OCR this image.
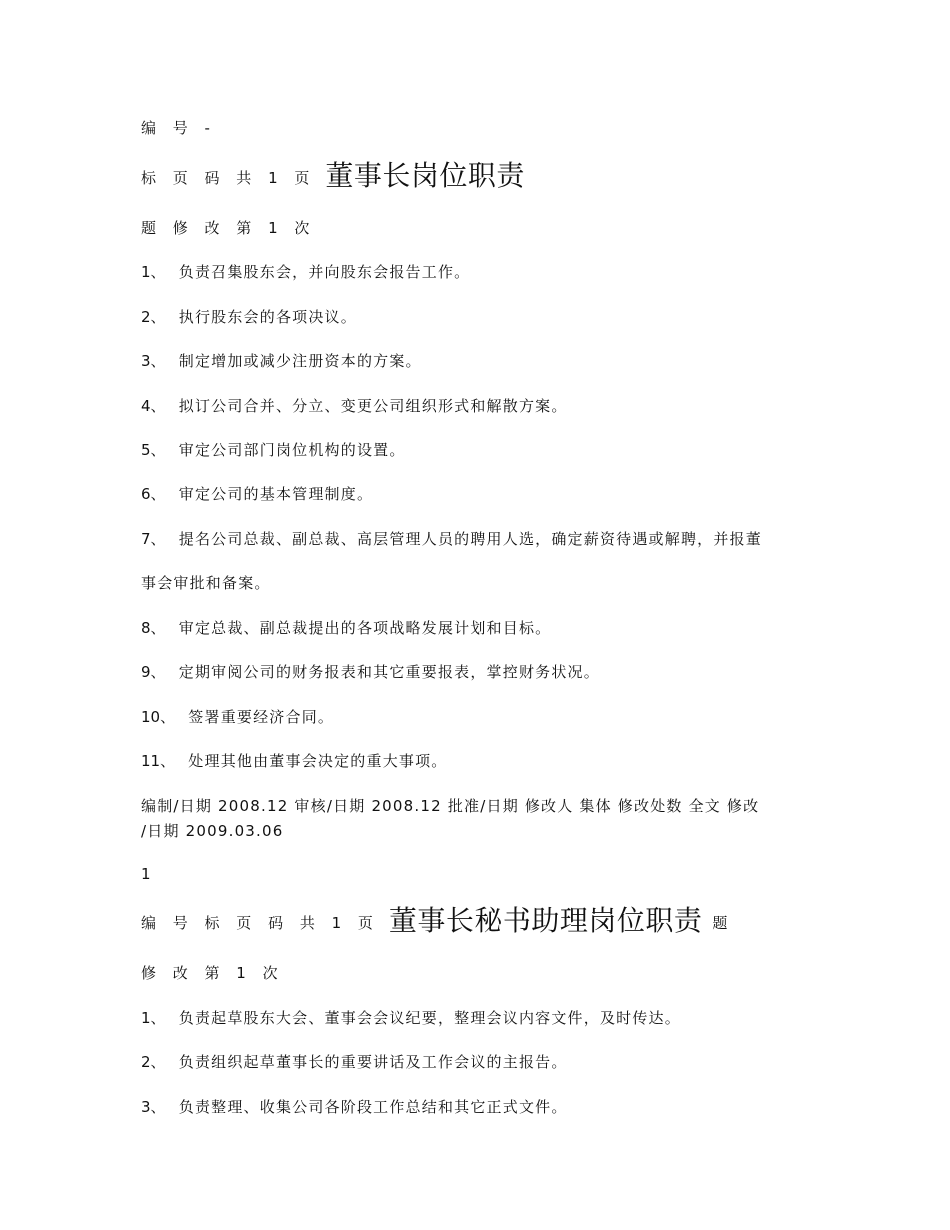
编 号 -
标 页 码 共 1 页 董事长岗位职责
题 修 改 第 1 次
1、 负责召集股东会，并向股东会报告工作。
2、 执行股东会的各项决议。
3、 制定增加或减少注册资本的方案。
4、 拟订公司合并、分立、变更公司组织形式和解散方案。
5、 审定公司部门岗位机构的设置。
6、 审定公司的基本管理制度。
7、 提名公司总裁、副总裁、高层管理人员的聘用人选，确定薪资待遇或解聘，并报董
事会审批和备案。
8、 审定总裁、副总裁提出的各项战略发展计划和目标。
9、 定期审阅公司的财务报表和其它重要报表，掌控财务状况。
10、 签署重要经济合同。
11、 处理其他由董事会决定的重大事项。
编制/日期 2008.12 审核/日期 2008.12 批准/日期 修改人 集体 修改处数 全文 修改
/日期 2009.03.06
1
编 号 标 页 码 共 1 页 董事长秘书助理岗位职责 题
修 改 第 1 次
1、 负责起草股东大会、董事会会议纪要，整理会议内容文件，及时传达。
2、 负责组织起草董事长的重要讲话及工作会议的主报告。
3、 负责整理、收集公司各阶段工作总结和其它正式文件。
